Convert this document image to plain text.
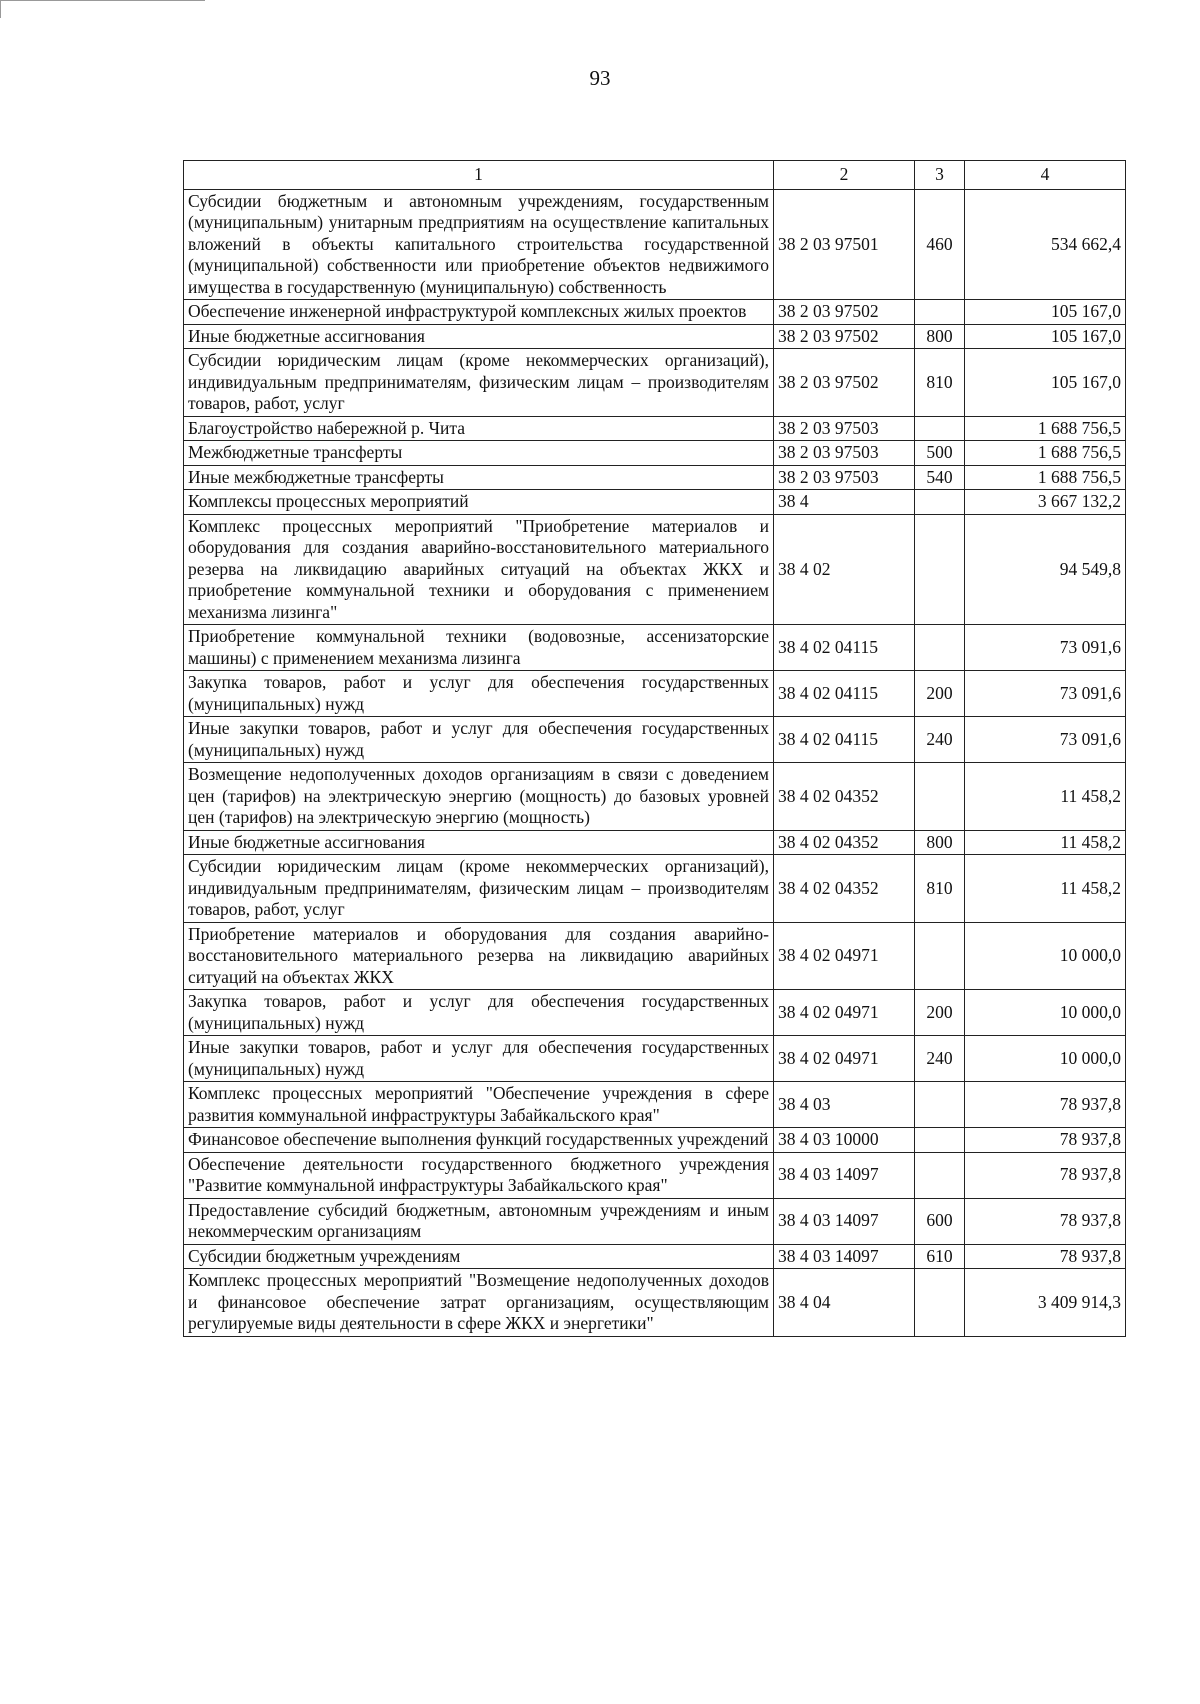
93
1	2	3	4
Субсидии бюджетным и автономным учреждениям, государственным (муниципальным) унитарным предприятиям на осуществление капитальных вложений в объекты капитального строительства государственной (муниципальной) собственности или приобретение объектов недвижимого имущества в государственную (муниципальную) собственность	38 2 03 97501	460	534 662,4
Обеспечение инженерной инфраструктурой комплексных жилых проектов	38 2 03 97502		105 167,0
Иные бюджетные ассигнования	38 2 03 97502	800	105 167,0
Субсидии юридическим лицам (кроме некоммерческих организаций), индивидуальным предпринимателям, физическим лицам – производителям товаров, работ, услуг	38 2 03 97502	810	105 167,0
Благоустройство набережной р. Чита	38 2 03 97503		1 688 756,5
Межбюджетные трансферты	38 2 03 97503	500	1 688 756,5
Иные межбюджетные трансферты	38 2 03 97503	540	1 688 756,5
Комплексы процессных мероприятий	38 4		3 667 132,2
Комплекс процессных мероприятий "Приобретение материалов и оборудования для создания аварийно-восстановительного материального резерва на ликвидацию аварийных ситуаций на объектах ЖКХ и приобретение коммунальной техники и оборудования с применением механизма лизинга"	38 4 02		94 549,8
Приобретение коммунальной техники (водовозные, ассенизаторские машины) с применением механизма лизинга	38 4 02 04115		73 091,6
Закупка товаров, работ и услуг для обеспечения государственных (муниципальных) нужд	38 4 02 04115	200	73 091,6
Иные закупки товаров, работ и услуг для обеспечения государственных (муниципальных) нужд	38 4 02 04115	240	73 091,6
Возмещение недополученных доходов организациям в связи с доведением цен (тарифов) на электрическую энергию (мощность) до базовых уровней цен (тарифов) на электрическую энергию (мощность)	38 4 02 04352		11 458,2
Иные бюджетные ассигнования	38 4 02 04352	800	11 458,2
Субсидии юридическим лицам (кроме некоммерческих организаций), индивидуальным предпринимателям, физическим лицам – производителям товаров, работ, услуг	38 4 02 04352	810	11 458,2
Приобретение материалов и оборудования для создания аварийно-восстановительного материального резерва на ликвидацию аварийных ситуаций на объектах ЖКХ	38 4 02 04971		10 000,0
Закупка товаров, работ и услуг для обеспечения государственных (муниципальных) нужд	38 4 02 04971	200	10 000,0
Иные закупки товаров, работ и услуг для обеспечения государственных (муниципальных) нужд	38 4 02 04971	240	10 000,0
Комплекс процессных мероприятий "Обеспечение учреждения в сфере развития коммунальной инфраструктуры Забайкальского края"	38 4 03		78 937,8
Финансовое обеспечение выполнения функций государственных учреждений	38 4 03 10000		78 937,8
Обеспечение деятельности государственного бюджетного учреждения "Развитие коммунальной инфраструктуры Забайкальского края"	38 4 03 14097		78 937,8
Предоставление субсидий бюджетным, автономным учреждениям и иным некоммерческим организациям	38 4 03 14097	600	78 937,8
Субсидии бюджетным учреждениям	38 4 03 14097	610	78 937,8
Комплекс процессных мероприятий "Возмещение недополученных доходов и финансовое обеспечение затрат организациям, осуществляющим регулируемые виды деятельности в сфере ЖКХ и энергетики"	38 4 04		3 409 914,3
